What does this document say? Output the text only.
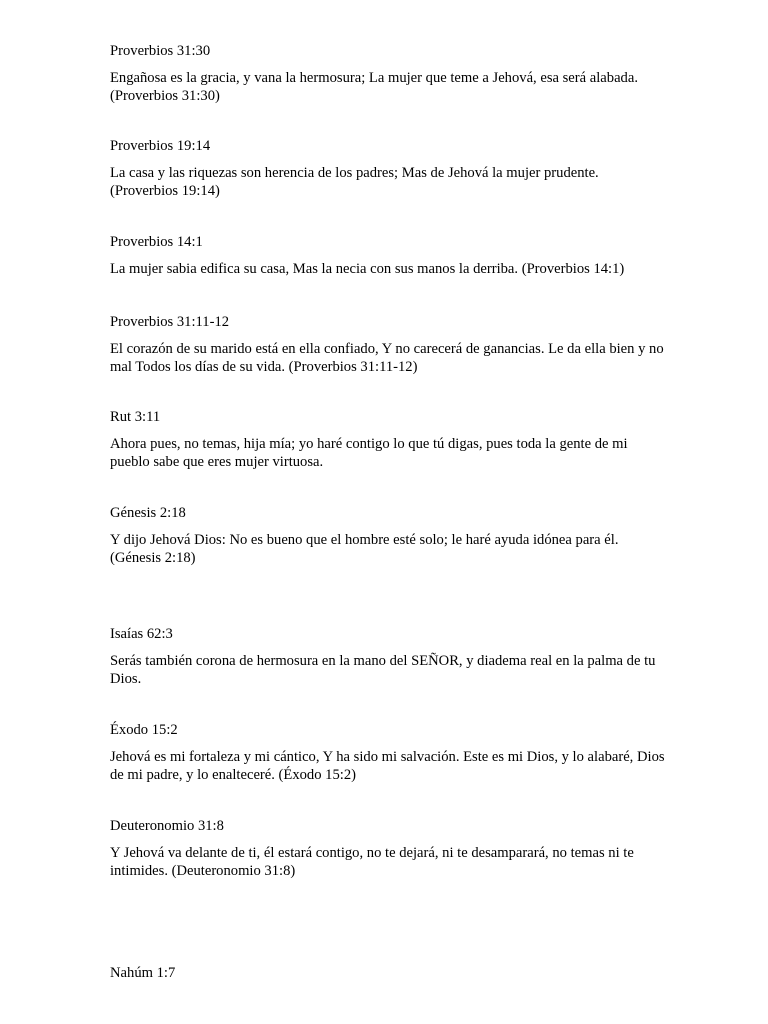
Proverbios 31:30

Engañosa es la gracia, y vana la hermosura; La mujer que teme a Jehová, esa será alabada. (Proverbios 31:30)

Proverbios 19:14

La casa y las riquezas son herencia de los padres; Mas de Jehová la mujer prudente. (Proverbios 19:14)

Proverbios 14:1

La mujer sabia edifica su casa, Mas la necia con sus manos la derriba. (Proverbios 14:1)

Proverbios 31:11-12

El corazón de su marido está en ella confiado, Y no carecerá de ganancias. Le da ella bien y no mal Todos los días de su vida. (Proverbios 31:11-12)

Rut 3:11

Ahora pues, no temas, hija mía; yo haré contigo lo que tú digas, pues toda la gente de mi pueblo sabe que eres mujer virtuosa.

Génesis 2:18

Y dijo Jehová Dios: No es bueno que el hombre esté solo; le haré ayuda idónea para él. (Génesis 2:18)

Isaías 62:3

Serás también corona de hermosura en la mano del SEÑOR, y diadema real en la palma de tu Dios.

Éxodo 15:2

Jehová es mi fortaleza y mi cántico, Y ha sido mi salvación. Este es mi Dios, y lo alabaré, Dios de mi padre, y lo enalteceré. (Éxodo 15:2)

Deuteronomio 31:8

Y Jehová va delante de ti, él estará contigo, no te dejará, ni te desamparará, no temas ni te intimides. (Deuteronomio 31:8)

Nahúm 1:7
